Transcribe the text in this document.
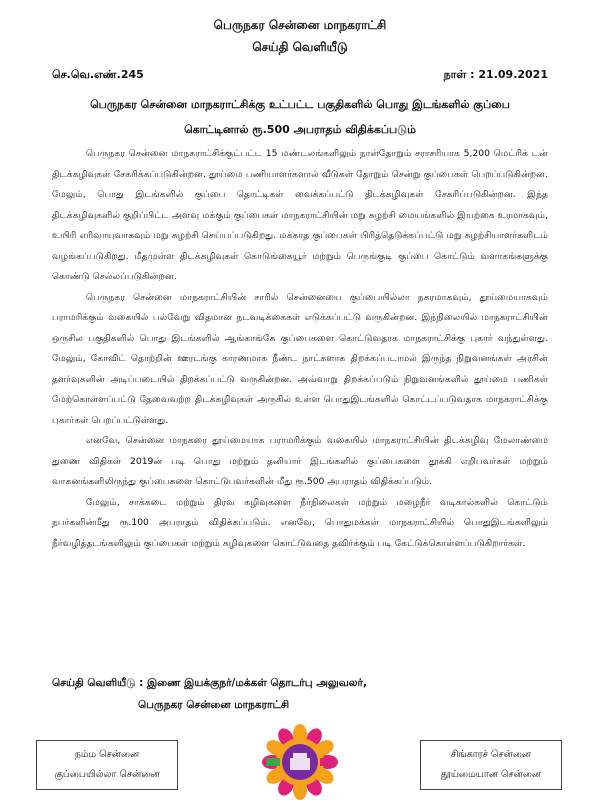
பெருநகர சென்னை மாநகராட்சி
செய்தி வெளியீடு
செ.வெ.எண்.245	நாள் : 21.09.2021
பெருநகர சென்னை மாநகராட்சிக்கு உட்பட்ட பகுதிகளில் பொது இடங்களில் குப்பை
கொட்டினால் ரூ.500 அபராதம் விதிக்கப்படும்

பெருநகர சென்னை மாநகராட்சிக்குட்பட்ட 15 மண்டலங்களிலும் நாள்தோறும் சராசரியாக 5,200 மெட்ரிக் டன் திடக்கழிவுகள் சேகரிக்கப்படுகின்றன. தூய்மை பணியாளர்களால் வீடுகள் தோறும் சென்று குப்பைகள் பெறப்படுகின்றன. மேலும், பொது இடங்களில் குப்பை தொட்டிகள் வைக்கப்பட்டு திடக்கழிவுகள் சேகரிப்படுகின்றன. இந்த திடக்கழிவுகளில் குறிப்பிட்ட அளவு மக்கும் குப்பைகள் மாநகராட்சியின் மறு சுழற்சி மையங்களில் இயற்கை உரமாகவும், உயிரி எரிவாயுவாகவும் மறு சுழற்சி செய்யப்படுகிறது. மக்காத குப்பைகள் பிரித்தெடுக்கப்பட்டு மறு சுழற்சியாளர்களிடம் வழங்கப்படுகிறது. மீதமுள்ள திடக்கழிவுகள் கொடுங்கையூர் மற்றும் பெருங்குடி குப்பை கொட்டும் வளாகங்களுக்கு கொண்டு செல்லப்படுகின்றன.

பெருநகர சென்னை மாநகராட்சியின் சாரில் சென்னையை குப்பையில்லா நகரமாகவும், தூய்மையாகவும் பராமரிக்கும் வகையில் பல்வேறு விதமான நடவடிக்கைகள் எடுக்கப்பட்டு வருகின்றன. இந்நிலையில் மாநகராட்சியின் ஒருசில பகுதிகளில் பொது இடங்களில் ஆங்காங்கே குப்பைகளை கொட்டுவதாக மாநகராட்சிக்கு புகார் வந்துள்ளது. மேலும், கோவிட் தொற்றின் ஊரடங்கு காரணமாக நீண்ட நாட்களாக திறக்கப்படாமல் இருந்த நிறுவனங்கள் அரசின் தளர்வுகளின் அடிப்படையில் திறக்கப்பட்டு வருகின்றன. அவ்வாறு திறக்கப்படும் நிறுவனங்களில் தூய்மை பணிகள் மேற்கொள்ளப்பட்டு தேவைவற்ற திடக்கழிவுகள் அருகில் உள்ள பொதுஇடங்களில் கொட்டப்படுவதாக மாநகராட்சிக்கு புகார்கள் பெறப்பட்டுள்ளது.

எனவே, சென்னை மாநகரை தூய்மையாக பராமரிக்கும் வகையில் மாநகராட்சியின் திடக்கழிவு மேலாண்மை துணை விதிகள் 2019ன் படி பொது மற்றும் தனியார் இடங்களில் குப்பைகளை தூக்கி எறிபவர்கள் மற்றும் வாகனங்களிலிருந்து குப்பைகளை கொட்டுபவர்களின் மீது ரூ.500 அபராதம் விதிக்கப்படும்.

மேலும், சாக்கடை மற்றும் திரவ கழிவுகளை நீர்நிலைகள் மற்றும் மழைநீர் வடிகால்களில் கொட்டும் நபர்களின்மீது ரூ.100 அபராதம் விதிக்கப்படும். எனவே, பொதுமக்கள் மாநகராட்சியில் பொதுஇடங்களிலும் நீர்வழித்தடங்களிலும் குப்பைகள் மற்றும் கழிவுகளை கொட்டுவதை தவிர்க்கும் படி கேட்டுக்கொள்ளப்படுகிறார்கள்.

செய்தி வெளியீடு : இணை இயக்குநர்/மக்கள் தொடர்பு அலுவலர்,
பெருநகர சென்னை மாநகராட்சி
நம்ம சென்னை
குப்பையில்லா சென்னை
சிங்காரச் சென்னை
தூய்மையான சென்னை
